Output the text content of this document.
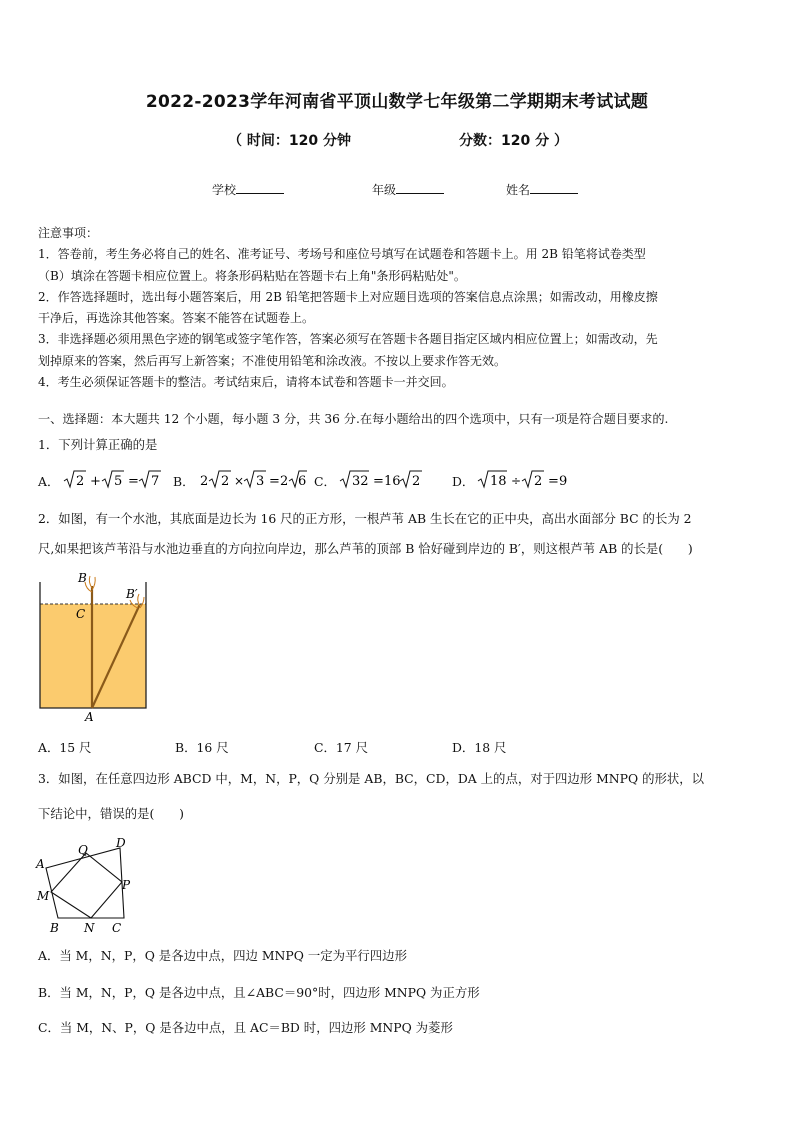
2022-2023学年河南省平顶山数学七年级第二学期期末考试试题
（ 时间：120 分钟	分数：120 分 ）
学校	年级	姓名

注意事项：

1．答卷前，考生务必将自己的姓名、准考证号、考场号和座位号填写在试题卷和答题卡上。用 2B 铅笔将试卷类型

（B）填涂在答题卡相应位置上。将条形码粘贴在答题卡右上角"条形码粘贴处"。

2．作答选择题时，选出每小题答案后，用 2B 铅笔把答题卡上对应题目选项的答案信息点涂黑；如需改动，用橡皮擦

干净后，再选涂其他答案。答案不能答在试题卷上。

3．非选择题必须用黑色字迹的钢笔或签字笔作答，答案必须写在答题卡各题目指定区域内相应位置上；如需改动，先

划掉原来的答案，然后再写上新答案；不准使用铅笔和涂改液。不按以上要求作答无效。

4．考生必须保证答题卡的整洁。考试结束后，请将本试卷和答题卡一并交回。

一、选择题：本大题共 12 个小题，每小题 3 分，共 36 分.在每小题给出的四个选项中，只有一项是符合题目要求的.
1．下列计算正确的是
A． 2 + 5 = 7 B． 2 2 × 3 = 2 6 C． 32 = 16 2	D． 18 ÷ 2 = 9
2．如图，有一个水池，其底面是边长为 16 尺的正方形，一根芦苇 AB 生长在它的正中央，高出水面部分 BC 的长为 2
尺,如果把该芦苇沿与水池边垂直的方向拉向岸边，那么芦苇的顶部 B 恰好碰到岸边的 B′，则这根芦苇 AB 的长是(　　)
B
B′
C
A
A．15 尺	B．16 尺	C．17 尺	D．18 尺
3．如图，在任意四边形 ABCD 中，M，N，P，Q 分别是 AB，BC，CD，DA 上的点，对于四边形 MNPQ 的形状，以
下结论中，错误的是(　　)
A
D
Q
M
P
B N C
A．当 M，N，P，Q 是各边中点，四边 MNPQ 一定为平行四边形
B．当 M，N，P，Q 是各边中点，且∠ABC＝90°时，四边形 MNPQ 为正方形
C．当 M，N、P，Q 是各边中点，且 AC＝BD 时，四边形 MNPQ 为菱形
